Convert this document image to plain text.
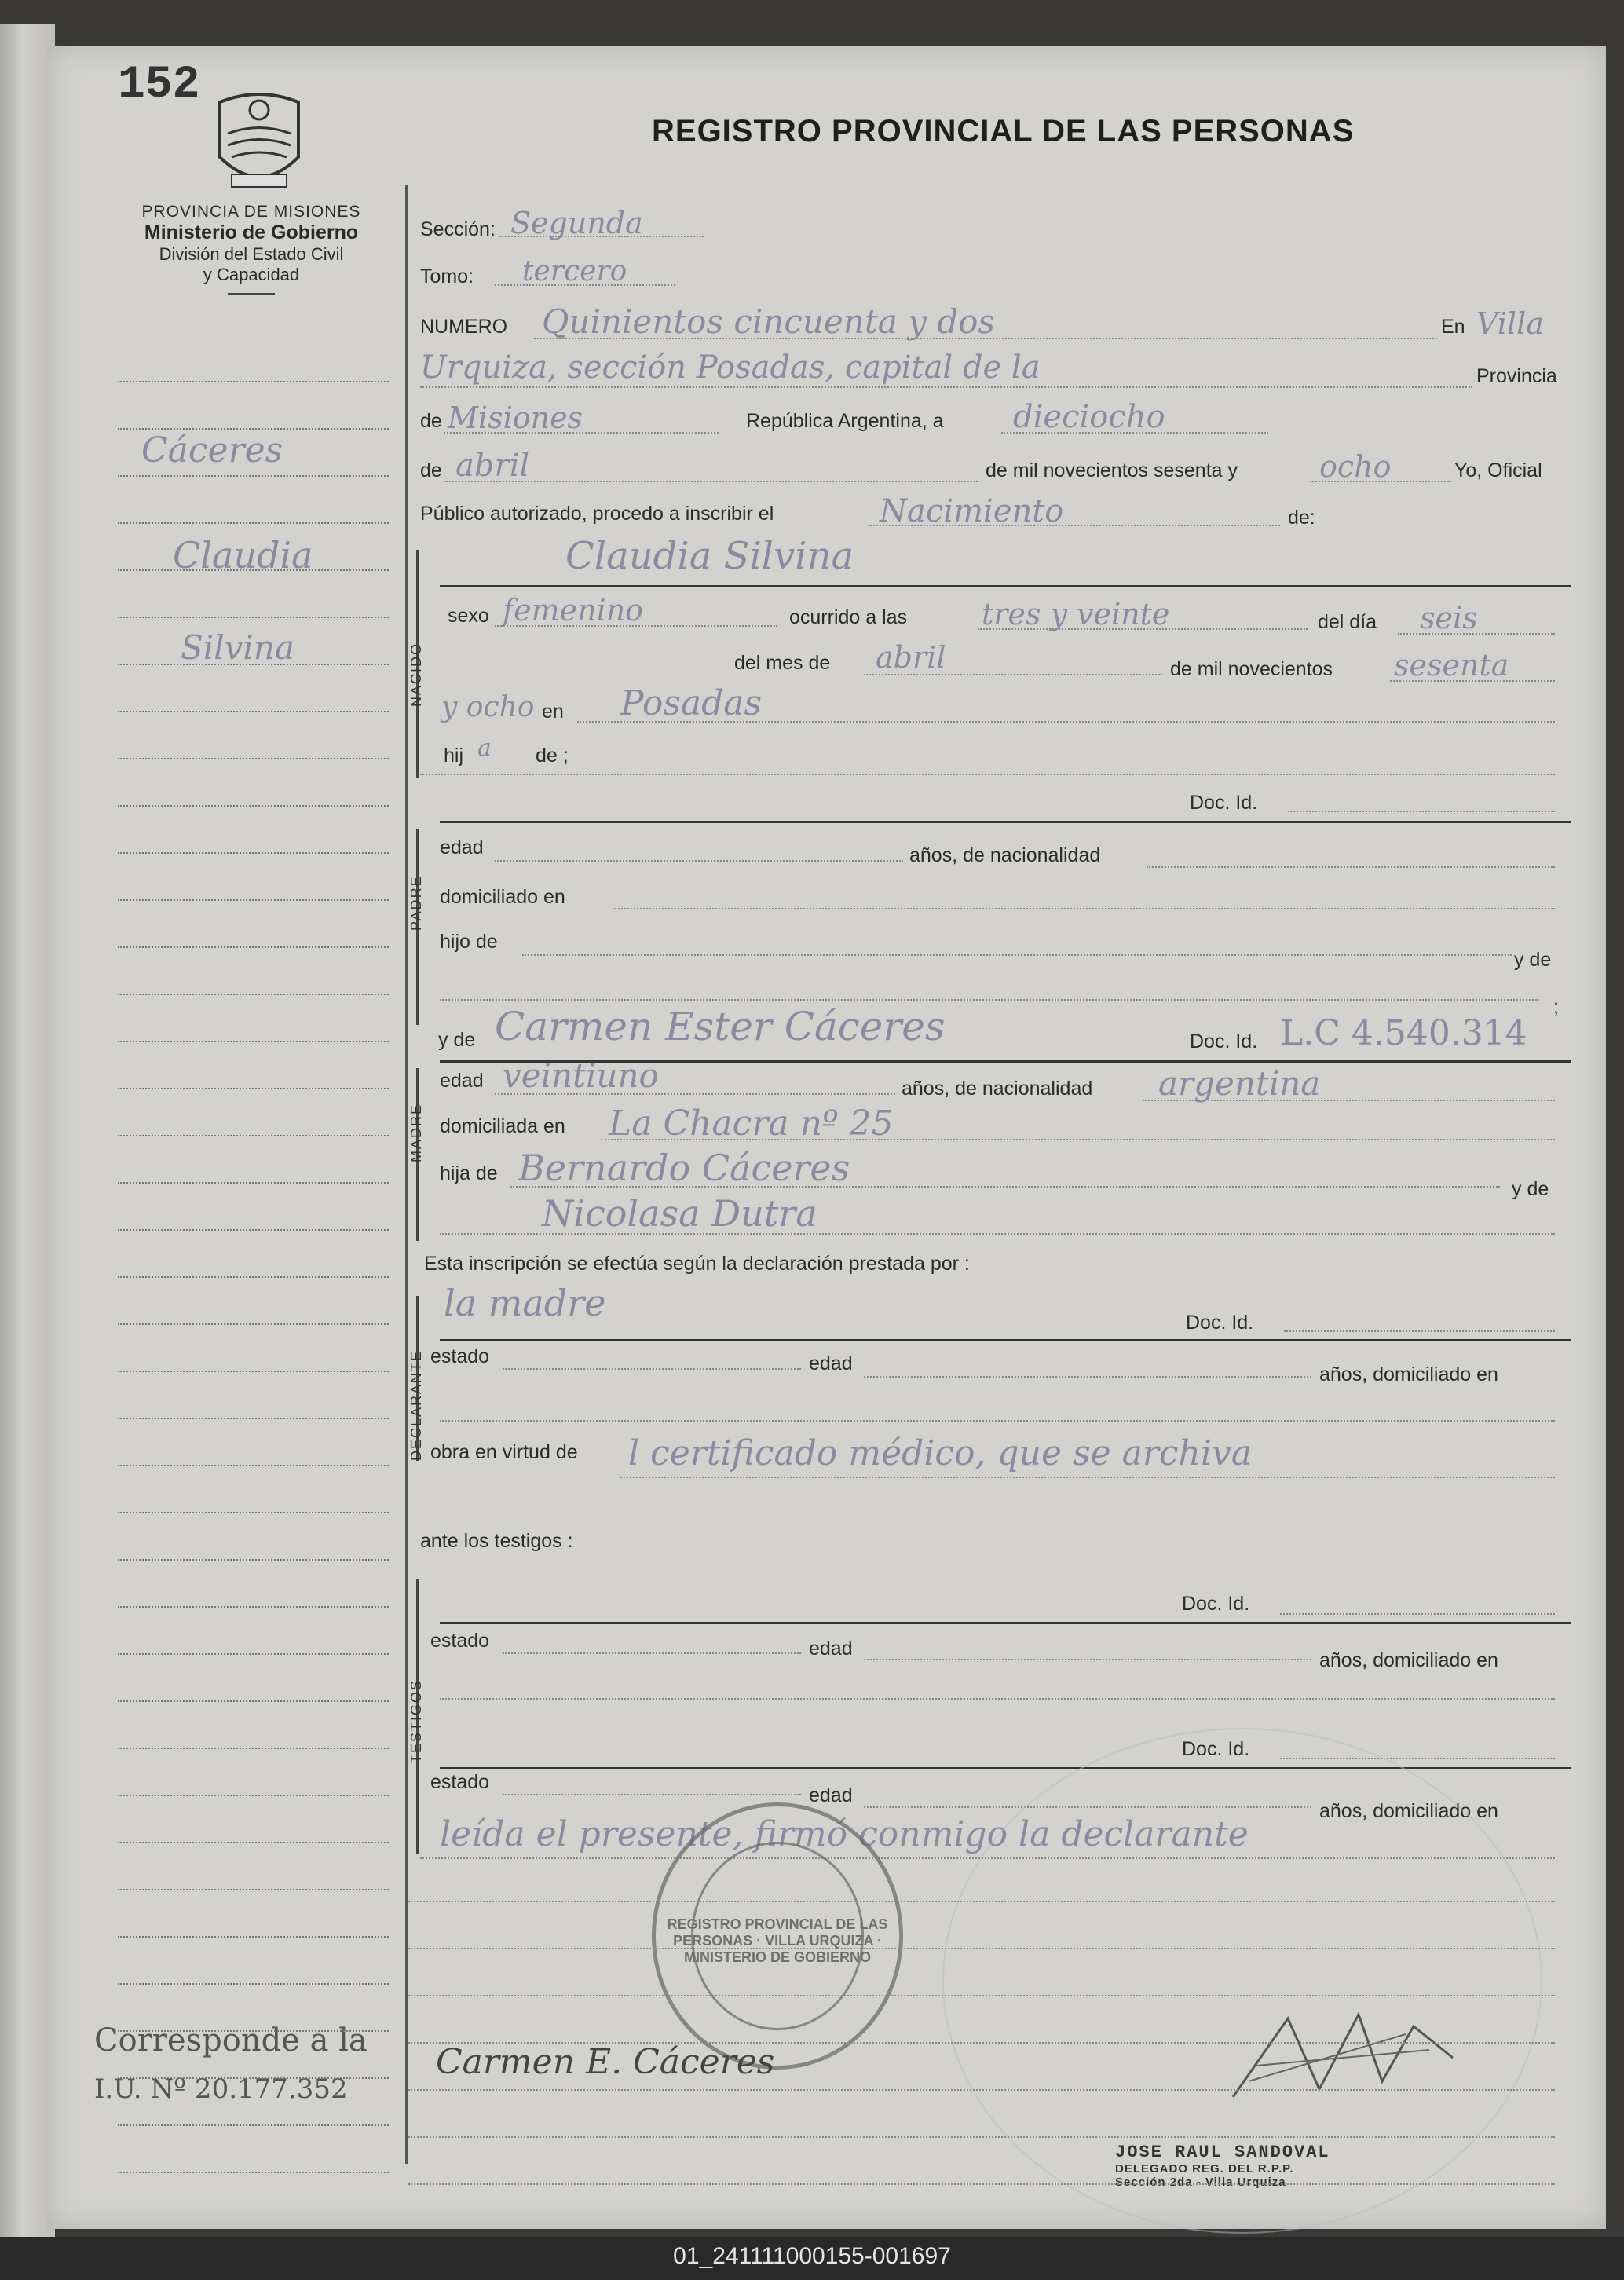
152
PROVINCIA DE MISIONES
Ministerio de Gobierno
División del Estado Civil
y Capacidad
REGISTRO PROVINCIAL DE LAS PERSONAS
Cáceres
Claudia
Silvina
Corresponde a la
I.U. Nº 20.177.352
Sección: Segunda
Tomo: tercero
NUMERO Quinientos cincuenta y dos	En Villa
Urquiza, sección Posadas, capital de la	Provincia
de Misiones	República Argentina, a dieciocho
de abril	de mil novecientos sesenta y	ocho	Yo, Oficial
Público autorizado, procedo a inscribir el	Nacimiento	de:
Claudia Silvina
NACIDO
sexo femenino	ocurrido a las tres y veinte	del día seis
del mes de abril	de mil novecientos sesenta
y ocho en Posadas
hij a de ;
Doc. Id.
PADRE
edad	años, de nacionalidad
domiciliado en
hijo de
y de
;
y de Carmen Ester Cáceres	Doc. Id. L.C 4.540.314
MADRE
edad veintiuno	años, de nacionalidad argentina
domiciliada en La Chacra nº 25
hija de Bernardo Cáceres	y de
Nicolasa Dutra
Esta inscripción se efectúa según la declaración prestada por :
la madre	Doc. Id.
DECLARANTE estado	edad	años, domiciliado en
obra en virtud de l certificado médico, que se archiva
ante los testigos :
Doc. Id.
TESTIGOS
estado	edad
años, domiciliado en
Doc. Id.
estado
edad
años, domiciliado en
leída el presente, firmó conmigo la declarante
REGISTRO PROVINCIAL DE LAS PERSONAS · VILLA URQUIZA · MINISTERIO DE GOBIERNO
Carmen E. Cáceres
JOSE RAUL SANDOVAL
DELEGADO REG. DEL R.P.P.
Sección 2da - Villa Urquiza
01_241111000155-001697
